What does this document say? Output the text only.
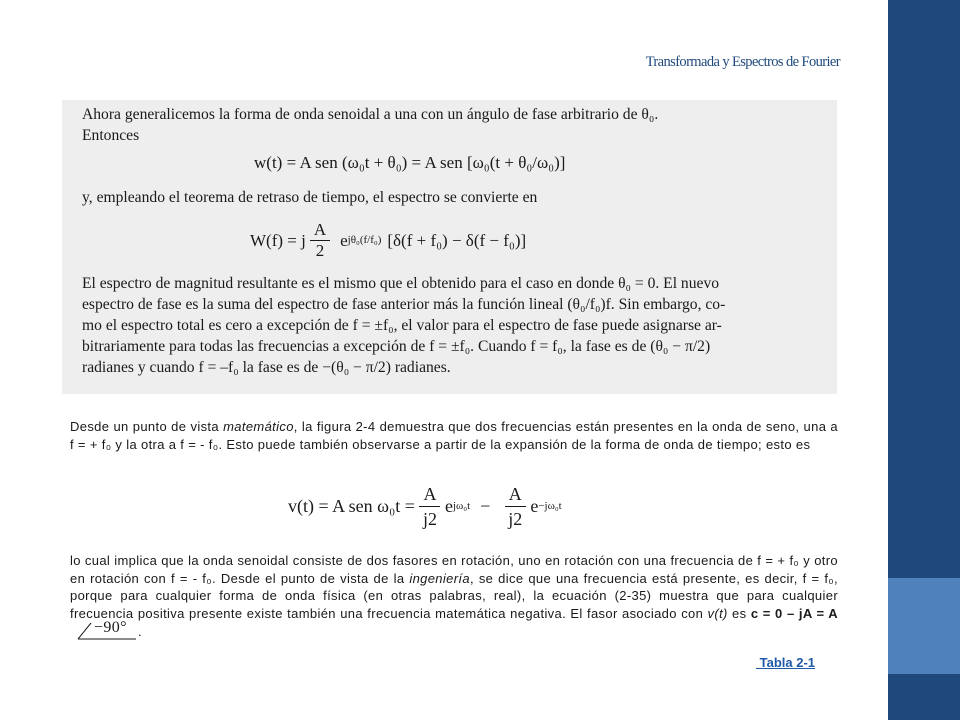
Transformada y Espectros de Fourier

Ahora generalicemos la forma de onda senoidal a una con un ángulo de fase arbitrario de θ₀.

Entonces

w(t) = A sen (ω₀t + θ₀) = A sen [ω₀(t + θ₀/ω₀)]

y, empleando el teorema de retraso de tiempo, el espectro se convierte en

W(f) = j $\frac{A}{2}$ e jθ₀(f/f₀) [δ(f + f₀) − δ(f − f₀)]

El espectro de magnitud resultante es el mismo que el obtenido para el caso en donde θ₀ = 0. El nuevo

espectro de fase es la suma del espectro de fase anterior más la función lineal (θ₀/f₀)f. Sin embargo, co-

mo el espectro total es cero a excepción de f = ±f₀, el valor para el espectro de fase puede asignarse ar-

bitrariamente para todas las frecuencias a excepción de f = ±f₀. Cuando f = f₀, la fase es de (θ₀ − π/2)

radianes y cuando f = –f₀ la fase es de −(θ₀ − π/2) radianes.

Desde un punto de vista matemático, la figura 2-4 demuestra que dos frecuencias están presentes en la onda de seno, una a f = + f₀ y la otra a f = - f₀. Esto puede también observarse a partir de la expansión de la forma de onda de tiempo; esto es

v(t) = A sen $\omega_0t = \frac{A}{j2}$ e $j\omega_0t - \frac{A}{j2}$ e −jω₀t

lo cual implica que la onda senoidal consiste de dos fasores en rotación, uno en rotación con una frecuencia de f = + f₀ y otro en rotación con f = - f₀. Desde el punto de vista de la ingeniería, se dice que una frecuencia está presente, es decir, f = f₀, porque para cualquier forma de onda física (en otras palabras, real), la ecuación (2-35) muestra que para cualquier frecuencia positiva presente existe también una frecuencia matemática negativa. El fasor asociado con v(t) es c = 0 – jA = A
−90° .

Tabla 2-1
